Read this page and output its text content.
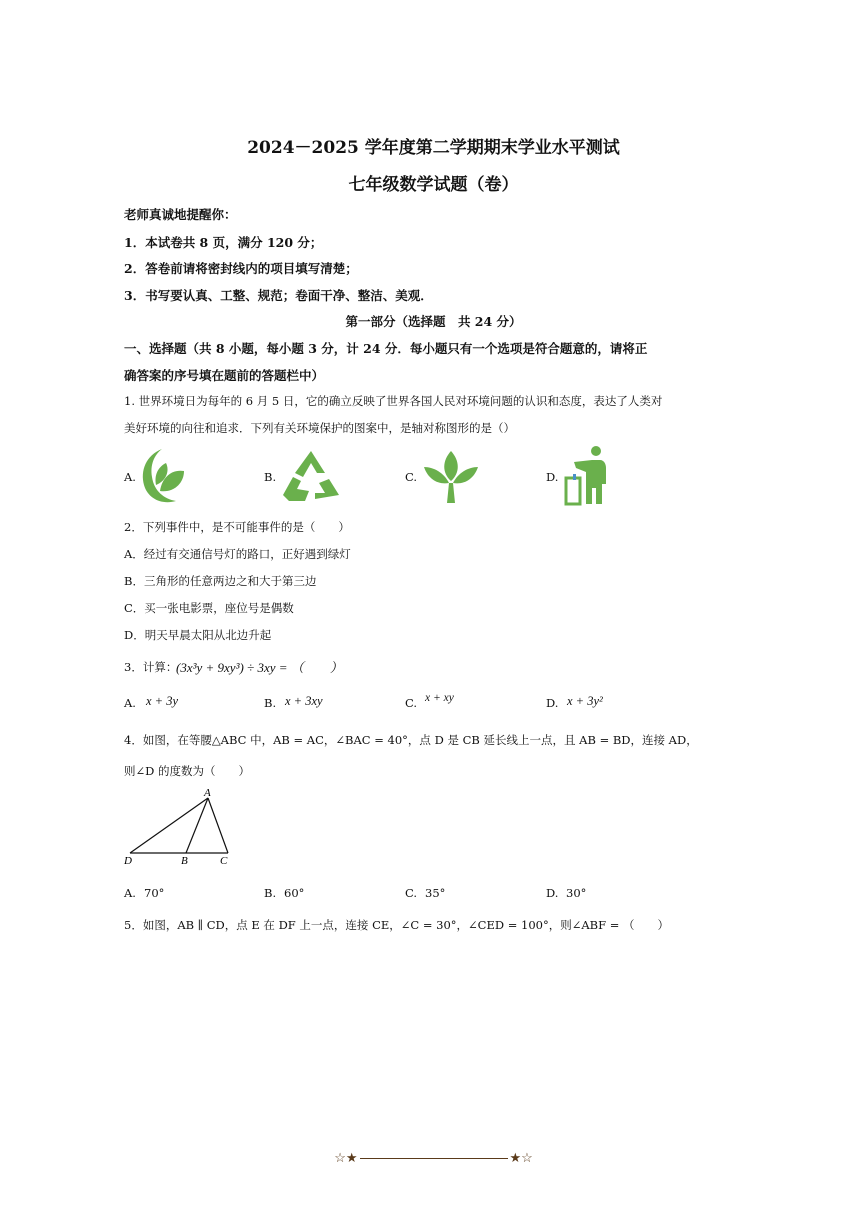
2024－2025 学年度第二学期期末学业水平测试
七年级数学试题（卷）
老师真诚地提醒你：
1．本试卷共 8 页，满分 120 分；
2．答卷前请将密封线内的项目填写清楚；
3．书写要认真、工整、规范；卷面干净、整洁、美观．
第一部分（选择题　共 24 分）
一、选择题（共 8 小题，每小题 3 分，计 24 分．每小题只有一个选项是符合题意的，请将正
确答案的序号填在题前的答题栏中）
1. 世界环境日为每年的 6 月 5 日，它的确立反映了世界各国人民对环境问题的认识和态度，表达了人类对
美好环境的向往和追求．下列有关环境保护的图案中，是轴对称图形的是（）
A.	B.	C.	D.
2．下列事件中，是不可能事件的是（　　）
A．经过有交通信号灯的路口，正好遇到绿灯
B．三角形的任意两边之和大于第三边
C．买一张电影票，座位号是偶数
D．明天早晨太阳从北边升起
3．计算：
(3x³y + 9xy³) ÷ 3xy = （　　）
A. x + 3y	B. x + 3xy	C. x + xy	D. x + 3y²
4．如图，在等腰△ABC 中，AB = AC，∠BAC = 40°，点 D 是 CB 延长线上一点，且 AB = BD，连接 AD，
则∠D 的度数为（　　）
A
D	B	C
A. 70°	B. 60°	C. 35°	D. 30°
5．如图，AB ∥ CD，点 E 在 DF 上一点，连接 CE，∠C = 30°，∠CED = 100°，则∠ABF = （　　）
☆★	★☆
